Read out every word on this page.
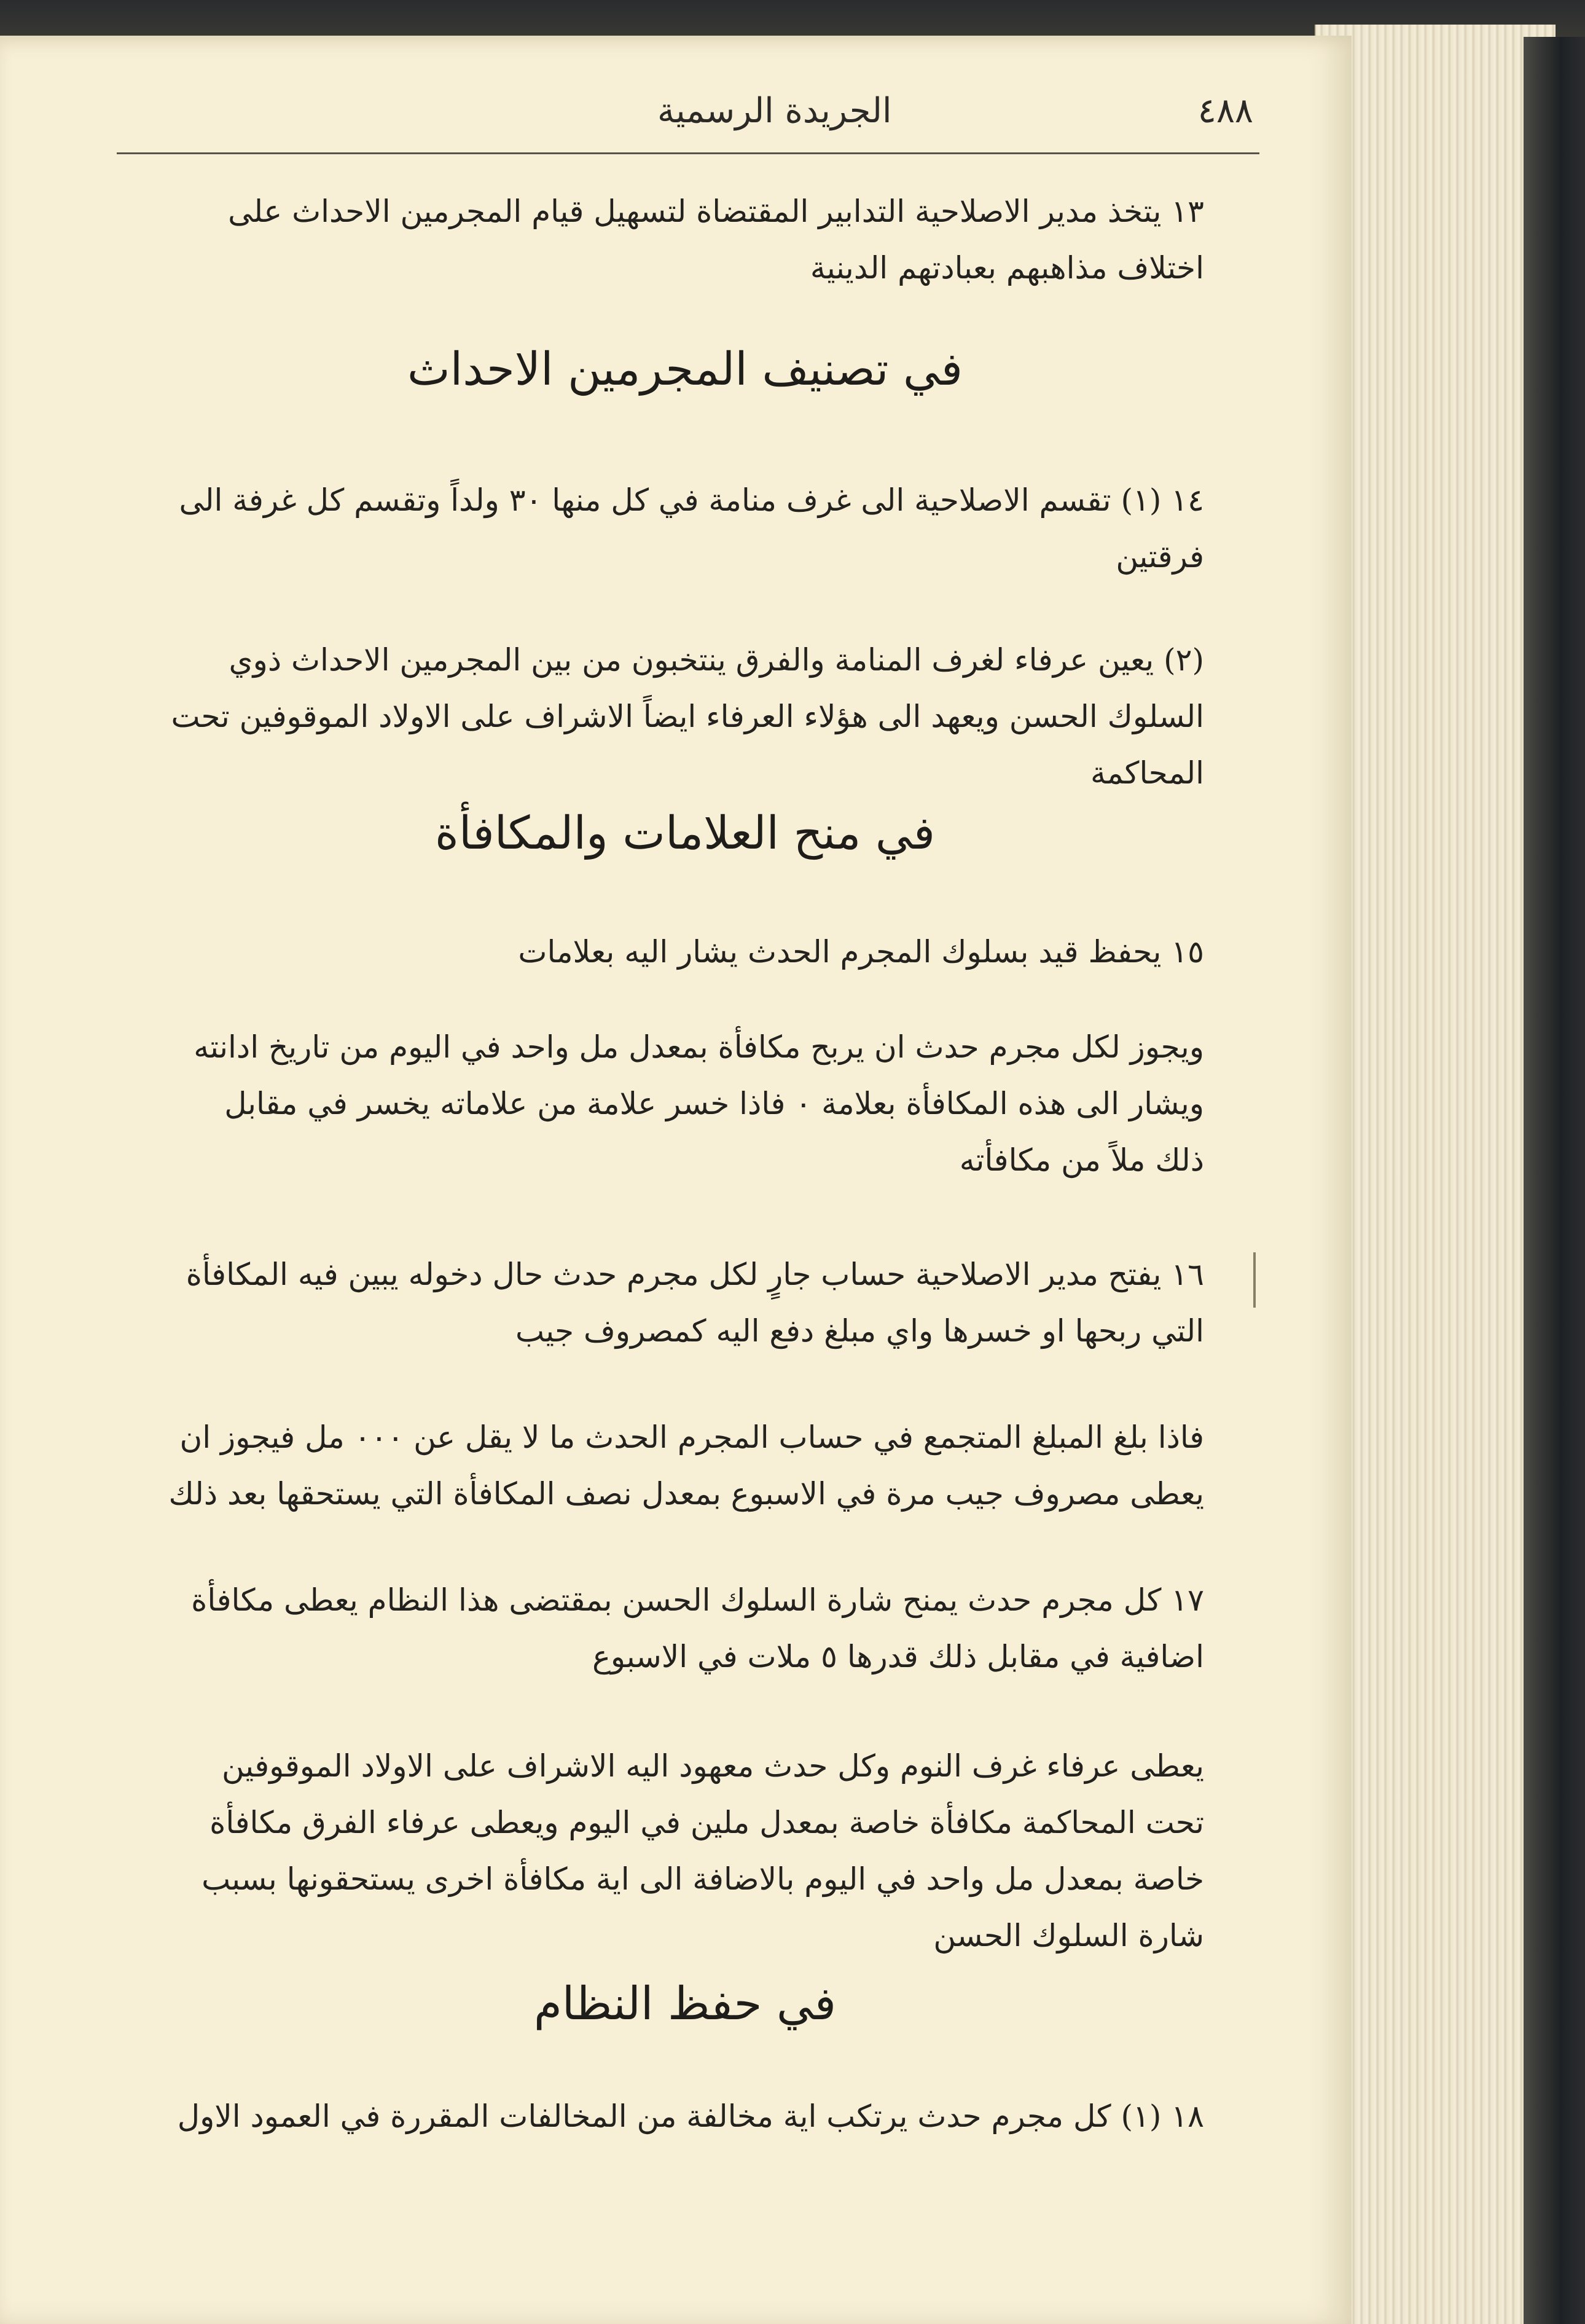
الجريدة الرسمية	٤٨٨
١٣ يتخذ مدير الاصلاحية التدابير المقتضاة لتسهيل قيام المجرمين الاحداث على اختلاف مذاهبهم بعبادتهم الدينية
في تصنيف المجرمين الاحداث
١٤ (١) تقسم الاصلاحية الى غرف منامة في كل منها ٣٠ ولداً وتقسم كل غرفة الى فرقتين
(٢) يعين عرفاء لغرف المنامة والفرق ينتخبون من بين المجرمين الاحداث ذوي السلوك الحسن ويعهد الى هؤلاء العرفاء ايضاً الاشراف على الاولاد الموقوفين تحت المحاكمة
في منح العلامات والمكافأة
١٥ يحفظ قيد بسلوك المجرم الحدث يشار اليه بعلامات
ويجوز لكل مجرم حدث ان يربح مكافأة بمعدل مل واحد في اليوم من تاريخ ادانته ويشار الى هذه المكافأة بعلامة ٠ فاذا خسر علامة من علاماته يخسر في مقابل ذلك ملاً من مكافأته
١٦ يفتح مدير الاصلاحية حساب جارٍ لكل مجرم حدث حال دخوله يبين فيه المكافأة التي ربحها او خسرها واي مبلغ دفع اليه كمصروف جيب
فاذا بلغ المبلغ المتجمع في حساب المجرم الحدث ما لا يقل عن ٠٠٠ مل فيجوز ان يعطى مصروف جيب مرة في الاسبوع بمعدل نصف المكافأة التي يستحقها بعد ذلك
١٧ كل مجرم حدث يمنح شارة السلوك الحسن بمقتضى هذا النظام يعطى مكافأة اضافية في مقابل ذلك قدرها ٥ ملات في الاسبوع
يعطى عرفاء غرف النوم وكل حدث معهود اليه الاشراف على الاولاد الموقوفين تحت المحاكمة مكافأة خاصة بمعدل ملين في اليوم ويعطى عرفاء الفرق مكافأة خاصة بمعدل مل واحد في اليوم بالاضافة الى اية مكافأة اخرى يستحقونها بسبب شارة السلوك الحسن
في حفظ النظام
١٨ (١) كل مجرم حدث يرتكب اية مخالفة من المخالفات المقررة في العمود الاول
